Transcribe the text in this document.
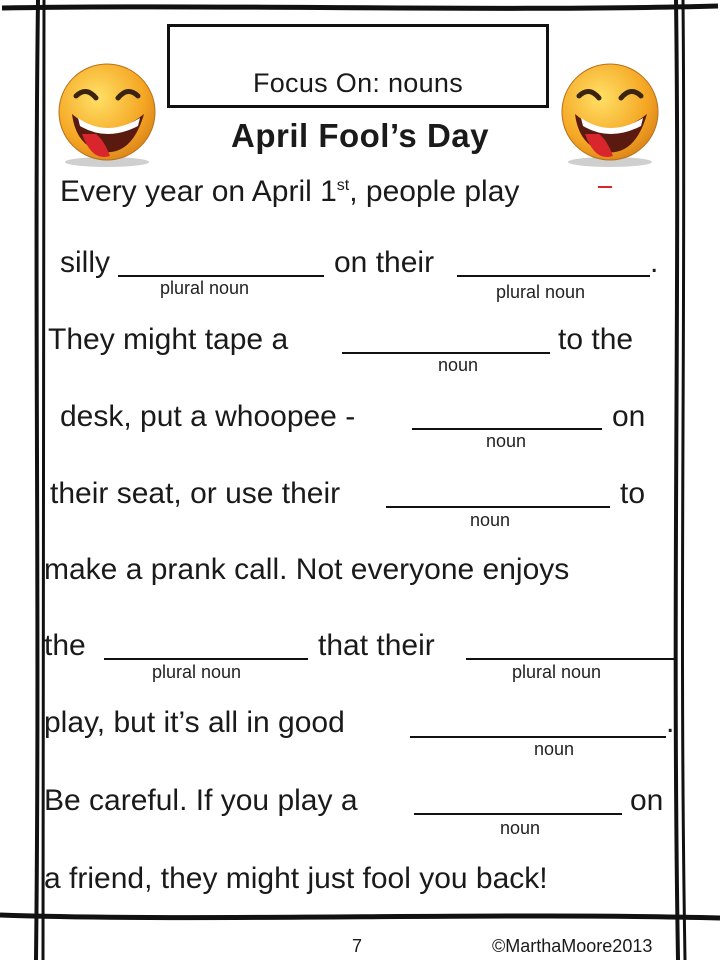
Focus On: nouns
April Fool’s Day
Every year on April 1st, people play
silly	on their	.
plural noun	plural noun
They might tape a	to the
noun
desk, put a whoopee -	on
noun
their seat, or use their	to
noun
make a prank call. Not everyone enjoys
the	that their
plural noun	plural noun
play, but it’s all in good	.
noun
Be careful. If you play a	on
noun
a friend, they might just fool you back!
7	©MarthaMoore2013
